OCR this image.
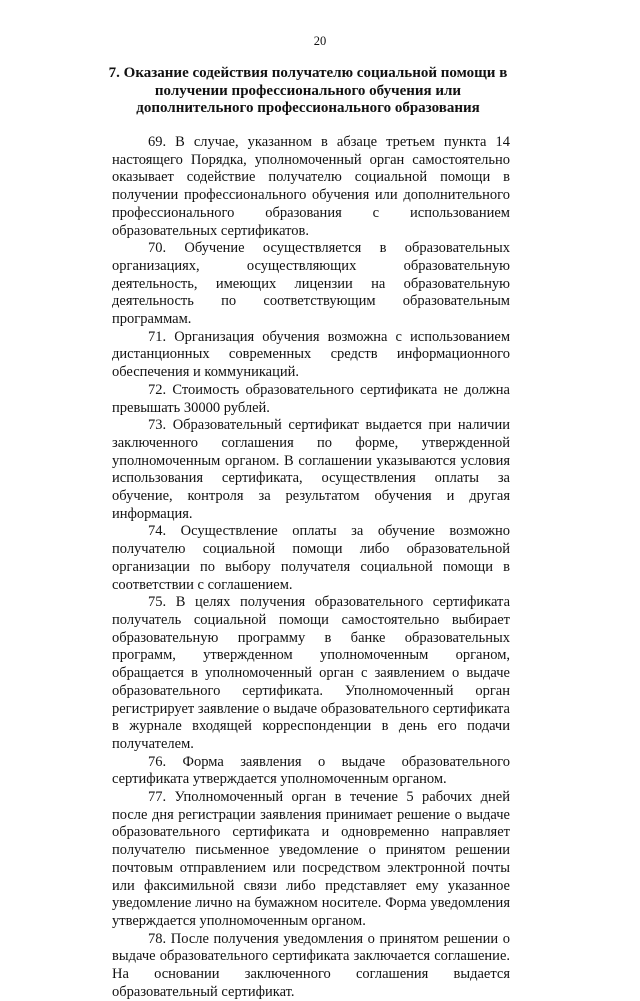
20
7. Оказание содействия получателю социальной помощи в получении профессионального обучения или дополнительного профессионального образования

69. В случае, указанном в абзаце третьем пункта 14 настоящего Порядка, уполномоченный орган самостоятельно оказывает содействие получателю социальной помощи в получении профессионального обучения или дополнительного профессионального образования с использованием образовательных сертификатов.

70. Обучение осуществляется в образовательных организациях, осуществляющих образовательную деятельность, имеющих лицензии на образовательную деятельность по соответствующим образовательным программам.

71. Организация обучения возможна с использованием дистанционных современных средств информационного обеспечения и коммуникаций.

72. Стоимость образовательного сертификата не должна превышать 30000 рублей.

73. Образовательный сертификат выдается при наличии заключенного соглашения по форме, утвержденной уполномоченным органом. В соглашении указываются условия использования сертификата, осуществления оплаты за обучение, контроля за результатом обучения и другая информация.

74. Осуществление оплаты за обучение возможно получателю социальной помощи либо образовательной организации по выбору получателя социальной помощи в соответствии с соглашением.

75. В целях получения образовательного сертификата получатель социальной помощи самостоятельно выбирает образовательную программу в банке образовательных программ, утвержденном уполномоченным органом, обращается в уполномоченный орган с заявлением о выдаче образовательного сертификата. Уполномоченный орган регистрирует заявление о выдаче образовательного сертификата в журнале входящей корреспонденции в день его подачи получателем.

76. Форма заявления о выдаче образовательного сертификата утверждается уполномоченным органом.

77. Уполномоченный орган в течение 5 рабочих дней после дня регистрации заявления принимает решение о выдаче образовательного сертификата и одновременно направляет получателю письменное уведомление о принятом решении почтовым отправлением или посредством электронной почты или факсимильной связи либо представляет ему указанное уведомление лично на бумажном носителе. Форма уведомления утверждается уполномоченным органом.

78. После получения уведомления о принятом решении о выдаче образовательного сертификата заключается соглашение. На основании заключенного соглашения выдается образовательный сертификат.
